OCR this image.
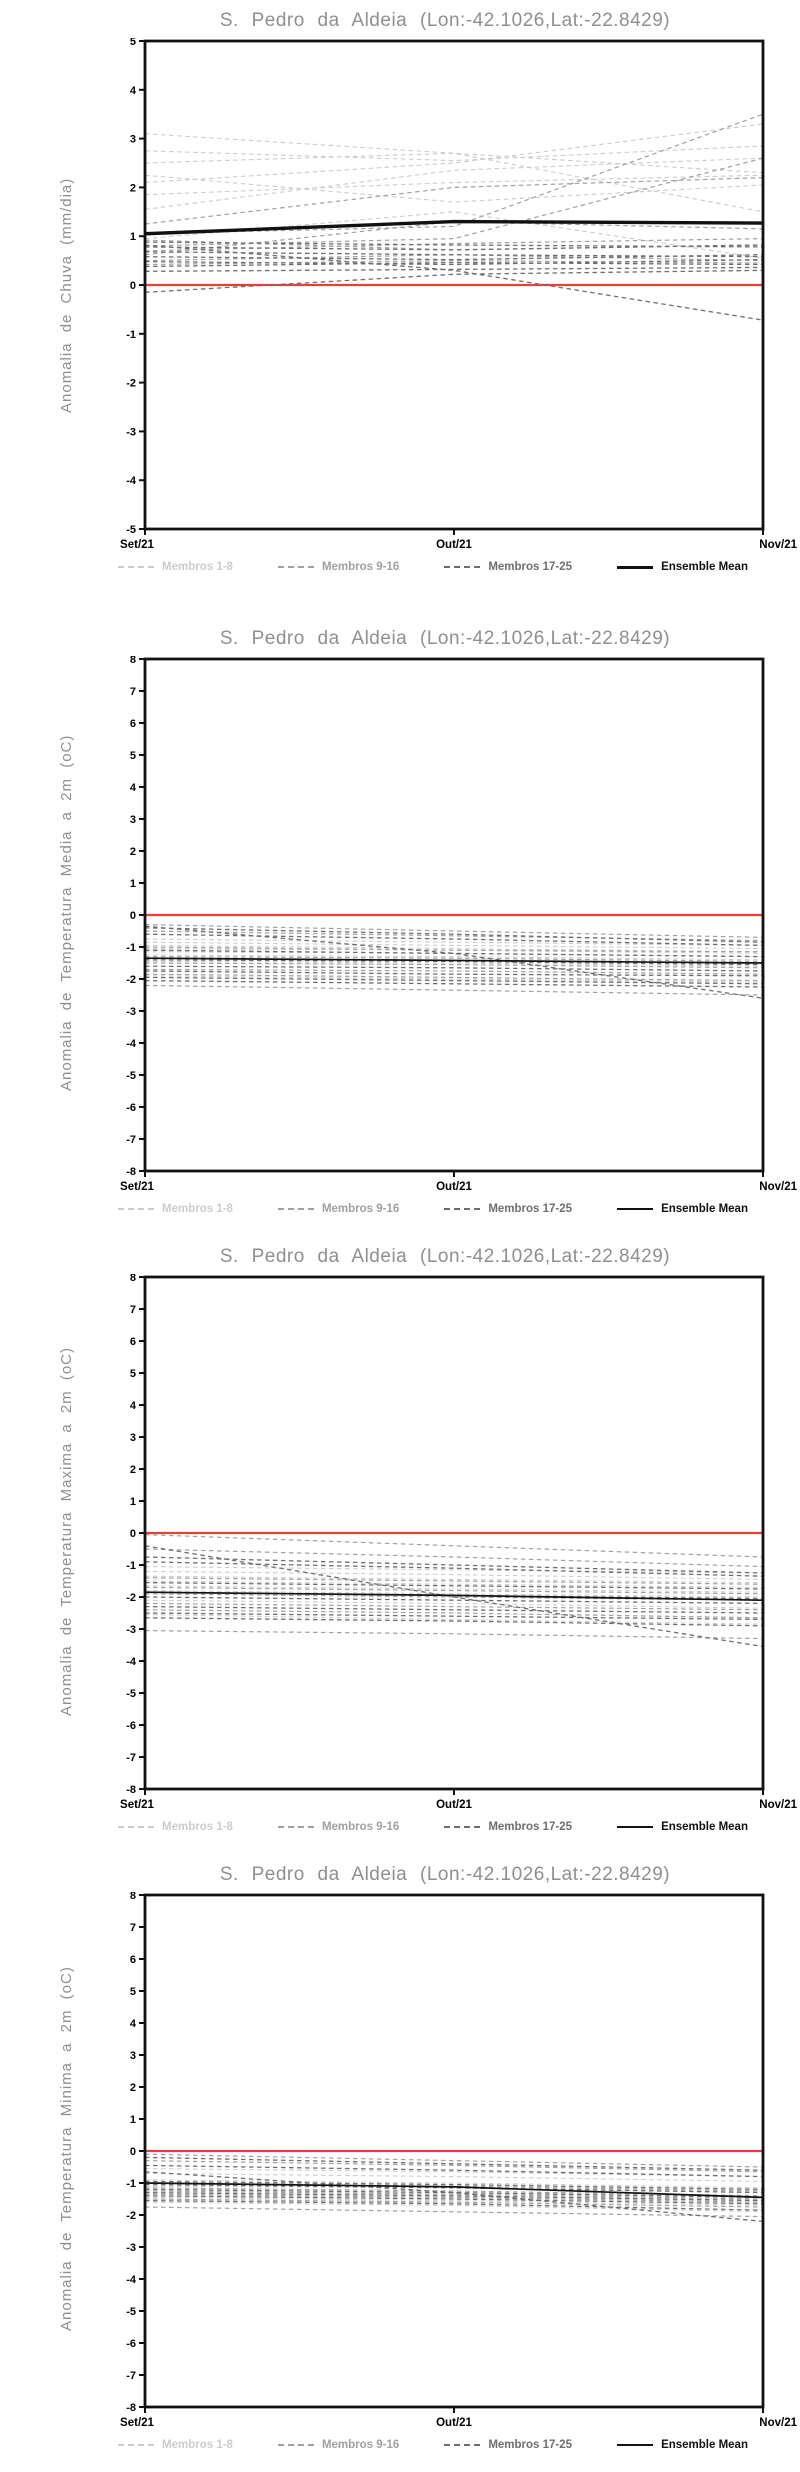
S. Pedro da Aldeia (Lon:-42.1026,Lat:-22.8429)
Anomalia de Chuva (mm/dia)
-5
-4
-3
-2
-1
0
1
2
3
4
5
Set/21	Out/21	Nov/21
Membros 1-8	Membros 9-16	Membros 17-25	Ensemble Mean
S. Pedro da Aldeia (Lon:-42.1026,Lat:-22.8429)
Anomalia de Temperatura Media a 2m (oC)
-8
-7
-6
-5
-4
-3
-2
-1
0
1
2
3
4
5
6
7
8
Set/21	Out/21	Nov/21
Membros 1-8	Membros 9-16	Membros 17-25	Ensemble Mean
S. Pedro da Aldeia (Lon:-42.1026,Lat:-22.8429)
Anomalia de Temperatura Maxima a 2m (oC)
-8
-7
-6
-5
-4
-3
-2
-1
0
1
2
3
4
5
6
7
8
Set/21	Out/21	Nov/21
Membros 1-8	Membros 9-16	Membros 17-25	Ensemble Mean
S. Pedro da Aldeia (Lon:-42.1026,Lat:-22.8429)
Anomalia de Temperatura Minima a 2m (oC)
-8
-7
-6
-5
-4
-3
-2
-1
0
1
2
3
4
5
6
7
8
Set/21	Out/21	Nov/21
Membros 1-8	Membros 9-16	Membros 17-25	Ensemble Mean
